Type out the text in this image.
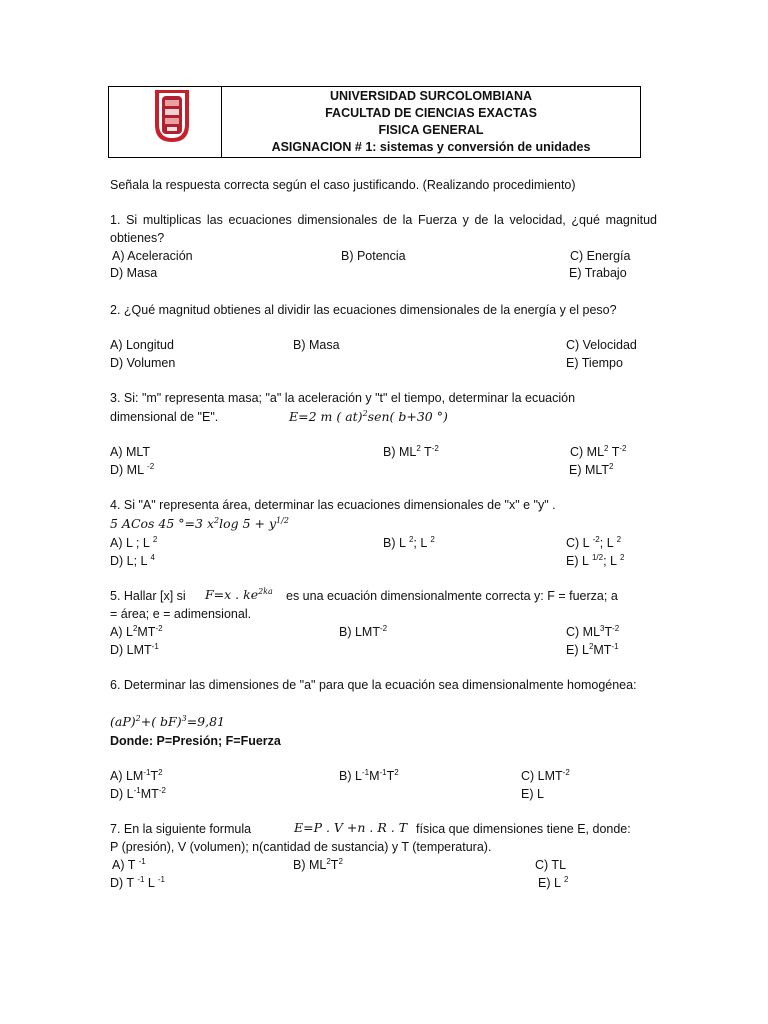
UNIVERSIDAD SURCOLOMBIANA
FACULTAD DE CIENCIAS EXACTAS
FISICA GENERAL
ASIGNACION # 1: sistemas y conversión de unidades
Señala la respuesta correcta según el caso justificando. (Realizando procedimiento)
1. Si multiplicas las ecuaciones dimensionales de la Fuerza y de la velocidad, ¿qué magnitud obtienes?
A) Aceleración	B) Potencia	C) Energía
D) Masa	E) Trabajo
2. ¿Qué magnitud obtienes al dividir las ecuaciones dimensionales de la energía y el peso?
A) Longitud	B) Masa	C) Velocidad
D) Volumen	E) Tiempo
3. Si: "m" representa masa; "a" la aceleración y "t" el tiempo, determinar la ecuación
dimensional de "E".	E=2 m ( at)$^2$sen( b+30 °)
A) MLT	B) $ML^2$ $T^{-2}$	C) $ML^2$ $T^{-2}$
D) ML $^{-2}$	E) MLT$^2$
4. Si "A" representa área, determinar las ecuaciones dimensionales de "x" e "y" .
5 ACos 45 °=3 $x^2\log$ $5 + y^{1/2}$
A) L ; L $^2$	B) L $^2$; L $^2$	C) L $^{-2}$; L $^2$
D) L; L $^4$	E) L $^{1/2}$; L $^2$
5. Hallar [x] si F=x . $ke^{2ka}$ es una ecuación dimensionalmente correcta y: F = fuerza; a
= área; e = adimensional.
A) $L^2MT^{-2}$	B) $LMT^{-2}$	C) $ML^3T^{-2}$
D) $LMT^{-1}$	E) $L^2MT^{-1}$
6. Determinar las dimensiones de "a" para que la ecuación sea dimensionalmente homogénea:
(aP)$^2$+( bF)$^3$=9,81
Donde: P=Presión; F=Fuerza
A) $LM^{-1}T^2$	B) $L^{-1}M^{-1}T^2$	C) $LMT^{-2}$
D) $L^{-1}MT^{-2}$	E) L
7. En la siguiente formula	E=P . V +n . R . T física que dimensiones tiene E, donde:
P (presión), V (volumen); n(cantidad de sustancia) y T (temperatura).
A) T $^{-1}$	B) $ML^2T^2$	C) TL
D) T $^{-1}$ L $^{-1}$	E) L $^2$
